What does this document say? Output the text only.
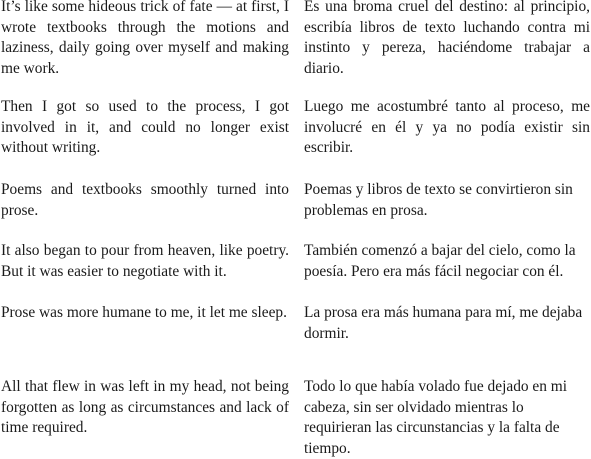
It’s like some hideous trick of fate — at first, I wrote textbooks through the motions and laziness, daily going over myself and making me work.
Es una broma cruel del destino: al principio, escribía libros de texto luchando contra mi instinto y pereza, haciéndome trabajar a diario.
Then I got so used to the process, I got involved in it, and could no longer exist without writing.
Luego me acostumbré tanto al proceso, me involucré en él y ya no podía existir sin escribir.
Poems and textbooks smoothly turned into prose.
Poemas y libros de texto se convirtieron sin problemas en prosa.
It also began to pour from heaven, like poetry. But it was easier to negotiate with it.
También comenzó a bajar del cielo, como la poesía. Pero era más fácil negociar con él.
Prose was more humane to me, it let me sleep. La prosa era más humana para mí, me dejaba dormir.
All that flew in was left in my head, not being forgotten as long as circumstances and lack of time required.
Todo lo que había volado fue dejado en mi cabeza, sin ser olvidado mientras lo requirieran las circunstancias y la falta de tiempo.
